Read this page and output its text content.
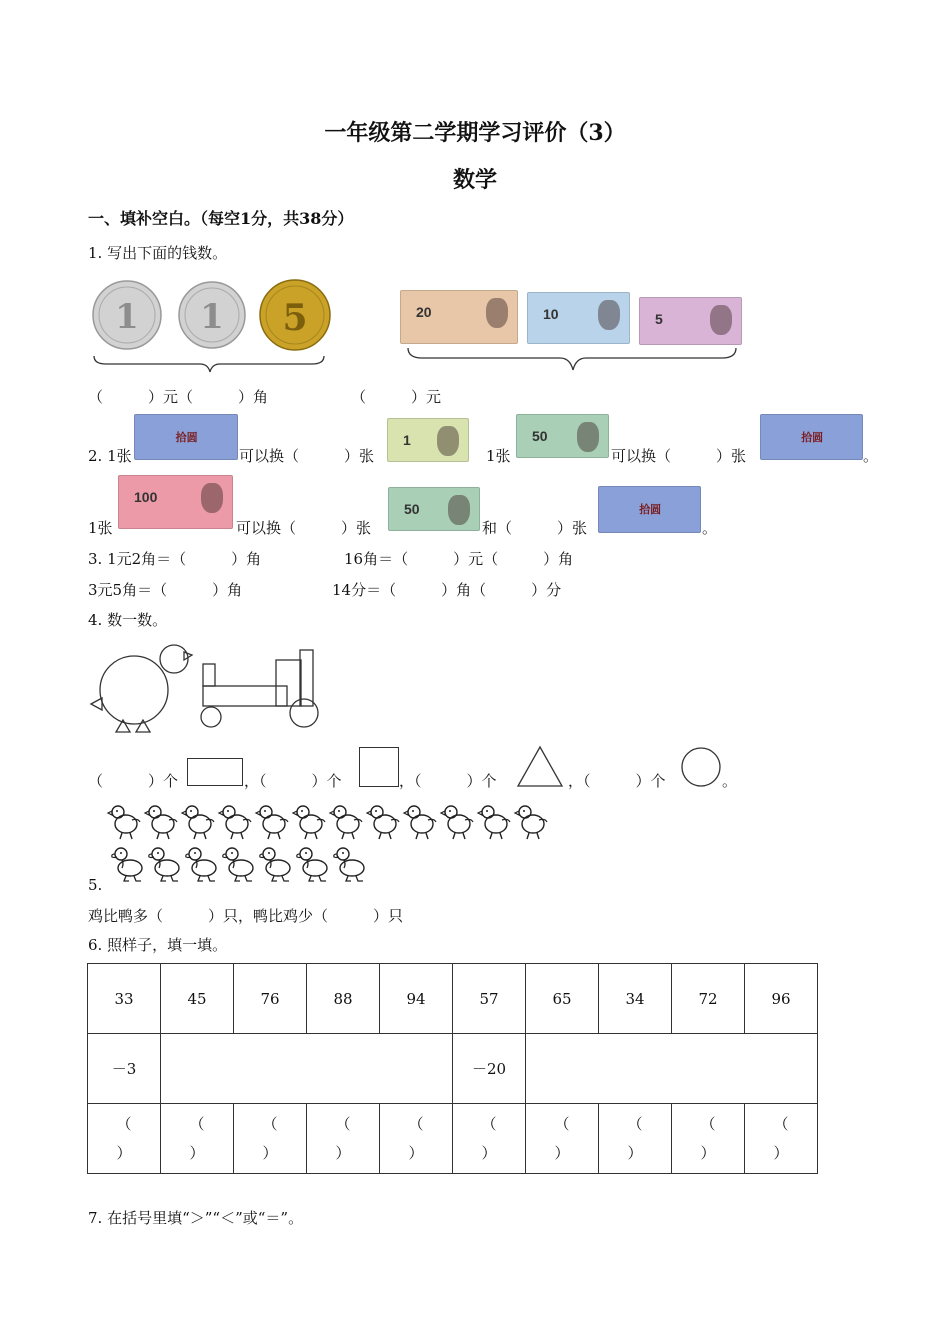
一年级第二学期学习评价（3）
数学
一、填补空白。（每空1分，共38分）
1. 写出下面的钱数。
1 1 5	20	10	5
（　　　）元（　　　）角	（　　　）元
2. 1张
拾圆
可以换（　　　）张
1
1张
50
可以换（　　　）张
拾圆
。
1张
100
可以换（　　　）张
50
和（　　　）张
拾圆
。
3. 1元2角＝（　　　）角	16角＝（　　　）元（　　　）角
3元5角＝（　　　）角	14分＝（　　　）角（　　　）分
4. 数一数。
（　　　）个	，（　　　）个	，（　　　）个	，（　　　）个	。
5.
鸡比鸭多（　　　）只，鸭比鸡少（　　　）只
6. 照样子，填一填。
33	45	76	88	94	57	65	34	72	96
－3					－20				
（
）	（
）	（
）	（
）	（
）	（
）	（
）	（
）	（
）	（
）
7. 在括号里填“＞”“＜”或“＝”。
